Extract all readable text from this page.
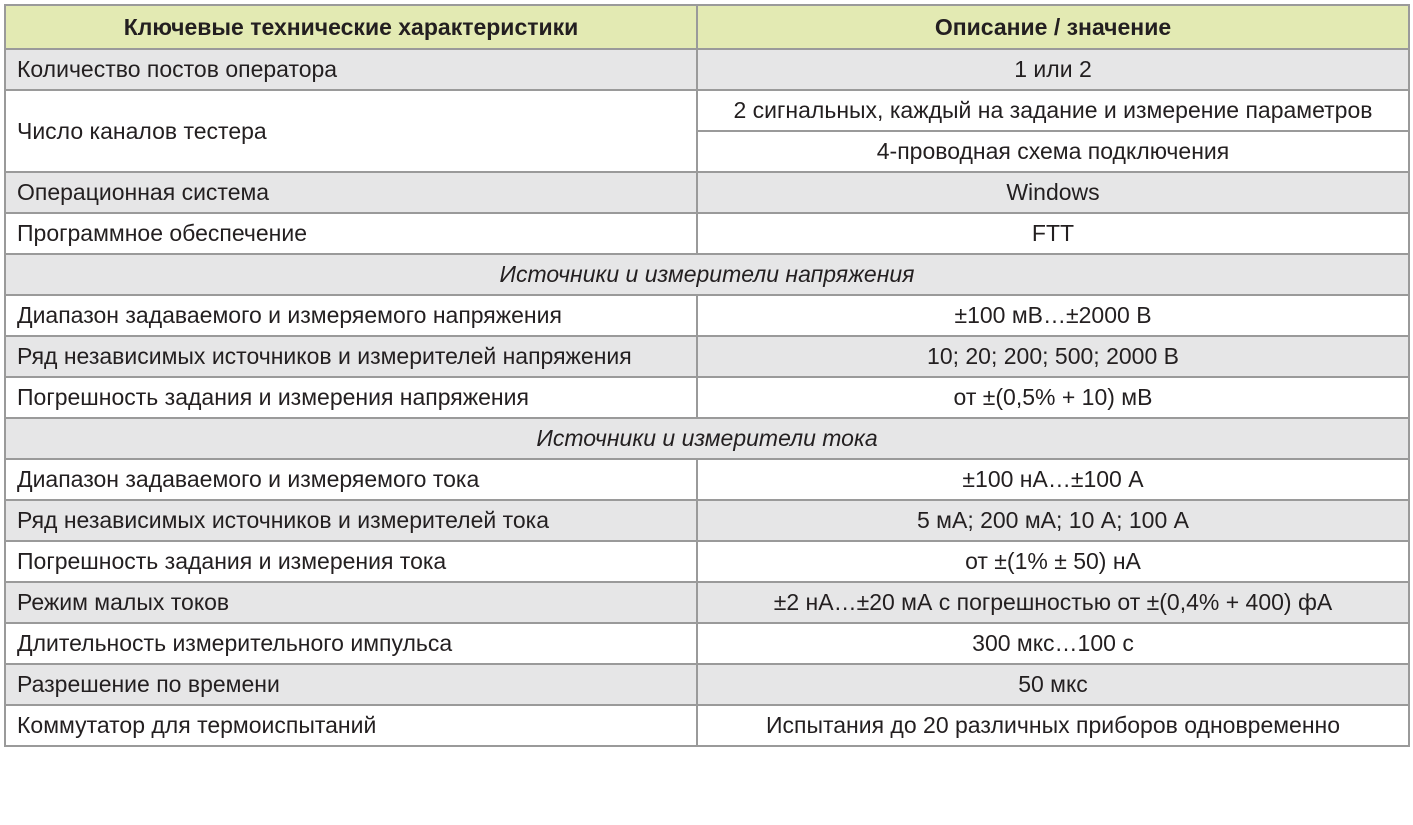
Ключевые технические характеристики	Описание / значение
Количество постов оператора	1 или 2
Число каналов тестера	2 сигнальных, каждый на задание и измерение параметров
	4-проводная схема подключения
Операционная система	Windows
Программное обеспечение	FTT
Источники и измерители напряжения	
Диапазон задаваемого и измеряемого напряжения	±100 мВ…±2000 В
Ряд независимых источников и измерителей напряжения	10; 20; 200; 500; 2000 В
Погрешность задания и измерения напряжения	от ±(0,5% + 10) мВ
Источники и измерители тока	
Диапазон задаваемого и измеряемого тока	±100 нА…±100 А
Ряд независимых источников и измерителей тока	5 мА; 200 мА; 10 А; 100 А
Погрешность задания и измерения тока	от ±(1% ± 50) нА
Режим малых токов	±2 нА…±20 мА с погрешностью от ±(0,4% + 400) фА
Длительность измерительного импульса	300 мкс…100 с
Разрешение по времени	50 мкс
Коммутатор для термоиспытаний	Испытания до 20 различных приборов одновременно
